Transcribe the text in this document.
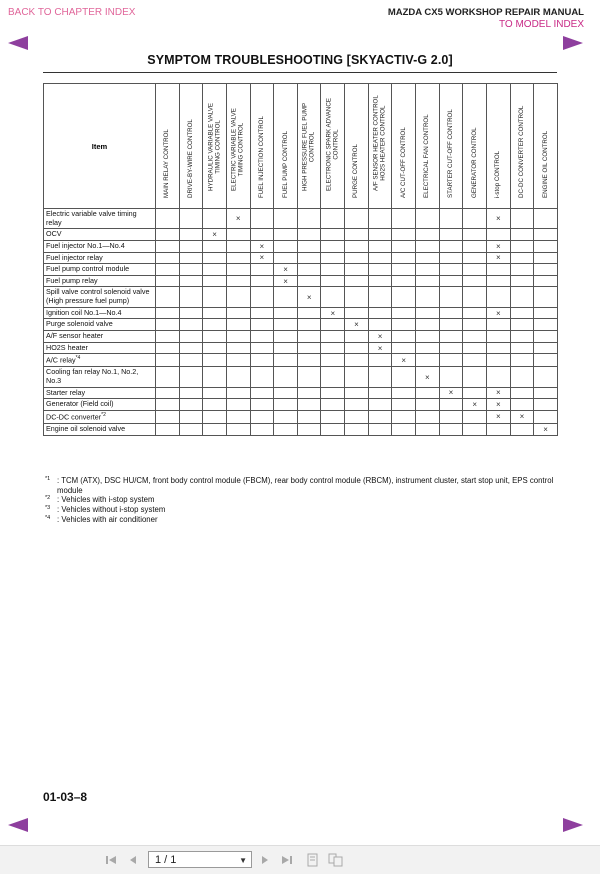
BACK TO CHAPTER INDEX	MAZDA CX5 WORKSHOP REPAIR MANUAL
TO MODEL INDEX
SYMPTOM TROUBLESHOOTING [SKYACTIV-G 2.0]
Item	MAIN RELAY CONTROL	DRIVE-BY-WIRE CONTROL	HYDRAULIC VARIABLE VALVE
TIMING CONTROL	ELECTRIC VARIABLE VALVE
TIMING CONTROL	FUEL INJECTION CONTROL	FUEL PUMP CONTROL	HIGH PRESSURE FUEL PUMP
CONTROL	ELECTRONIC SPARK ADVANCE
CONTROL	PURGE CONTROL	A/F SENSOR HEATER CONTROL
HO2S HEATER CONTROL	A/C CUT-OFF CONTROL	ELECTRICAL FAN CONTROL	STARTER CUT-OFF CONTROL	GENERATOR CONTROL	i-stop CONTROL	DC-DC CONVERTER CONTROL	ENGINE OIL CONTROL

Electric variable valve timing relay				×											×		
OCV			×														
Fuel injector No.1—No.4					×										×		
Fuel injector relay					×										×		
Fuel pump control module						×											
Fuel pump relay						×											
Spill valve control solenoid valve (High pressure fuel pump)							×										
Ignition coil No.1—No.4								×							×		
Purge solenoid valve									×								
A/F sensor heater										×							
HO2S heater										×							
A/C relay$^{*4}$											×						
Cooling fan relay No.1, No.2, No.3												×					
Starter relay													×		×		
Generator (Field coil)														×	×		
DC-DC converter$^{*2}$															×	×	
Engine oil solenoid valve																	×
*1 : TCM (ATX), DSC HU/CM, front body control module (FBCM), rear body control module (RBCM), instrument cluster, start stop unit, EPS control module
*2 : Vehicles with i-stop system
*3 : Vehicles without i-stop system
*4 : Vehicles with air conditioner
01-03–8
1 / 1	▼
